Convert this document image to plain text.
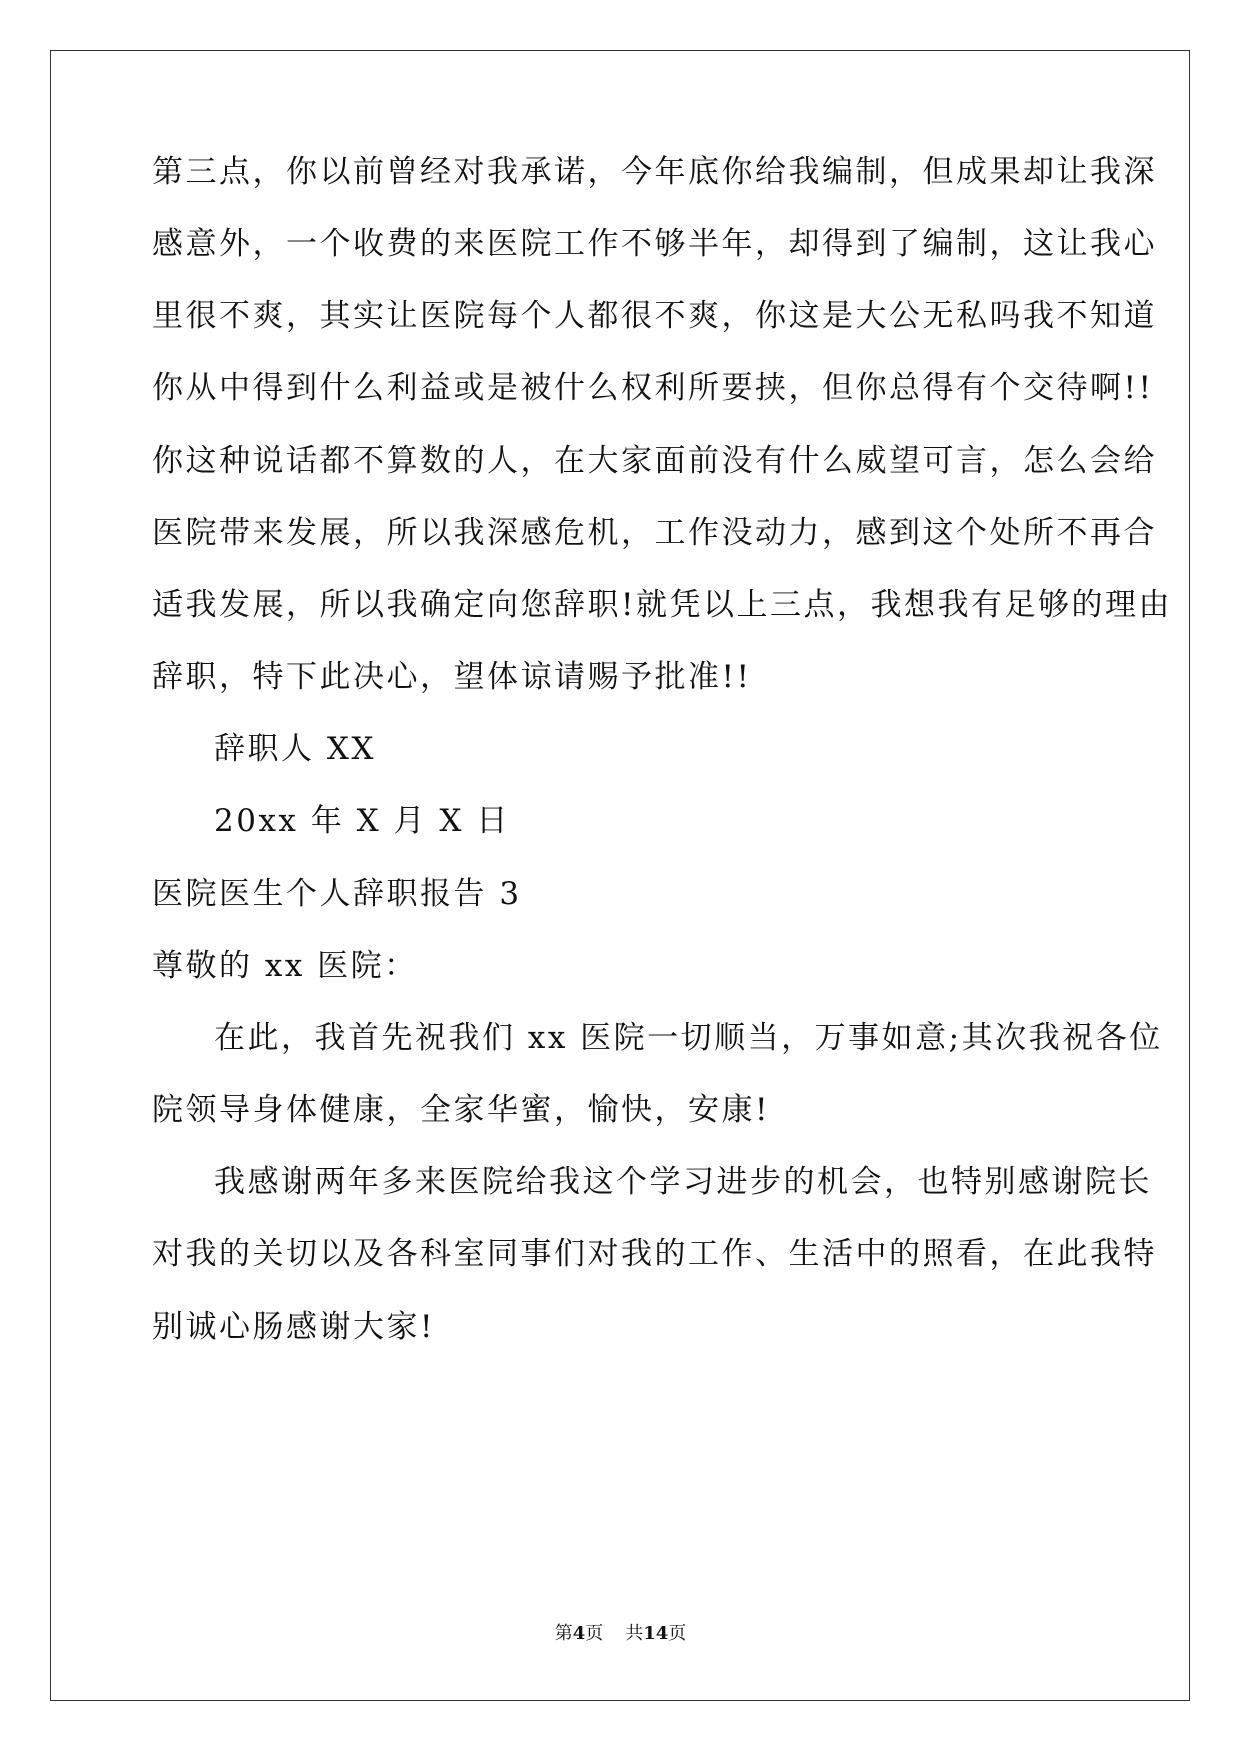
第三点，你以前曾经对我承诺，今年底你给我编制，但成果却让我深
感意外，一个收费的来医院工作不够半年，却得到了编制，这让我心
里很不爽，其实让医院每个人都很不爽，你这是大公无私吗我不知道
你从中得到什么利益或是被什么权利所要挟，但你总得有个交待啊!!
你这种说话都不算数的人，在大家面前没有什么威望可言，怎么会给
医院带来发展，所以我深感危机，工作没动力，感到这个处所不再合
适我发展，所以我确定向您辞职!就凭以上三点，我想我有足够的理由
辞职，特下此决心，望体谅请赐予批准!!
辞职人 XX
20xx 年 X 月 X 日
医院医生个人辞职报告 3
尊敬的 xx 医院：
在此，我首先祝我们 xx 医院一切顺当，万事如意;其次我祝各位
院领导身体健康，全家华蜜，愉快，安康!
我感谢两年多来医院给我这个学习进步的机会，也特别感谢院长
对我的关切以及各科室同事们对我的工作、生活中的照看，在此我特
别诚心肠感谢大家!
第4页 共14页
